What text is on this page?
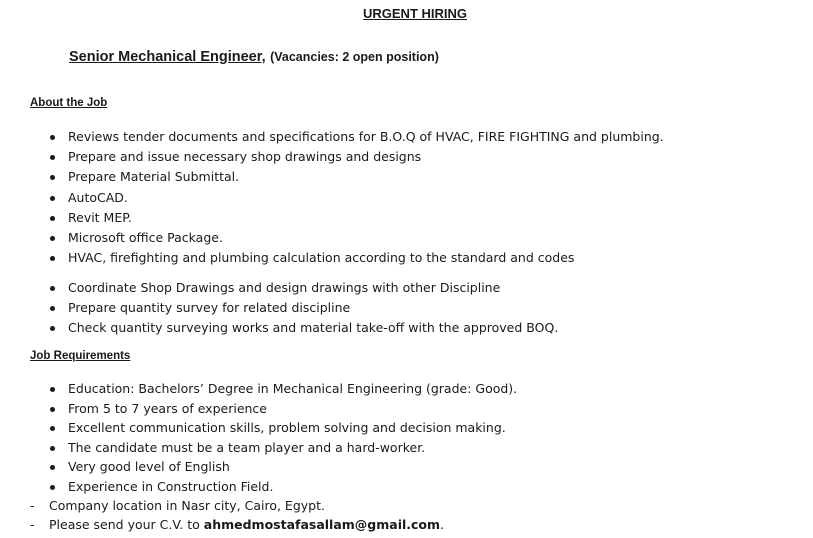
URGENT HIRING
Senior Mechanical Engineer, (Vacancies: 2 open position)
About the Job
Reviews tender documents and specifications for B.O.Q of HVAC, FIRE FIGHTING and plumbing.
Prepare and issue necessary shop drawings and designs
Prepare Material Submittal.
AutoCAD.
Revit MEP.
Microsoft office Package.
HVAC, firefighting and plumbing calculation according to the standard and codes
Coordinate Shop Drawings and design drawings with other Discipline
Prepare quantity survey for related discipline
Check quantity surveying works and material take-off with the approved BOQ.
Job Requirements
Education: Bachelors’ Degree in Mechanical Engineering (grade: Good).
From 5 to 7 years of experience
Excellent communication skills, problem solving and decision making.
The candidate must be a team player and a hard-worker.
Very good level of English
Experience in Construction Field.
- Company location in Nasr city, Cairo, Egypt.
- Please send your C.V. to ahmedmostafasallam@gmail.com.
